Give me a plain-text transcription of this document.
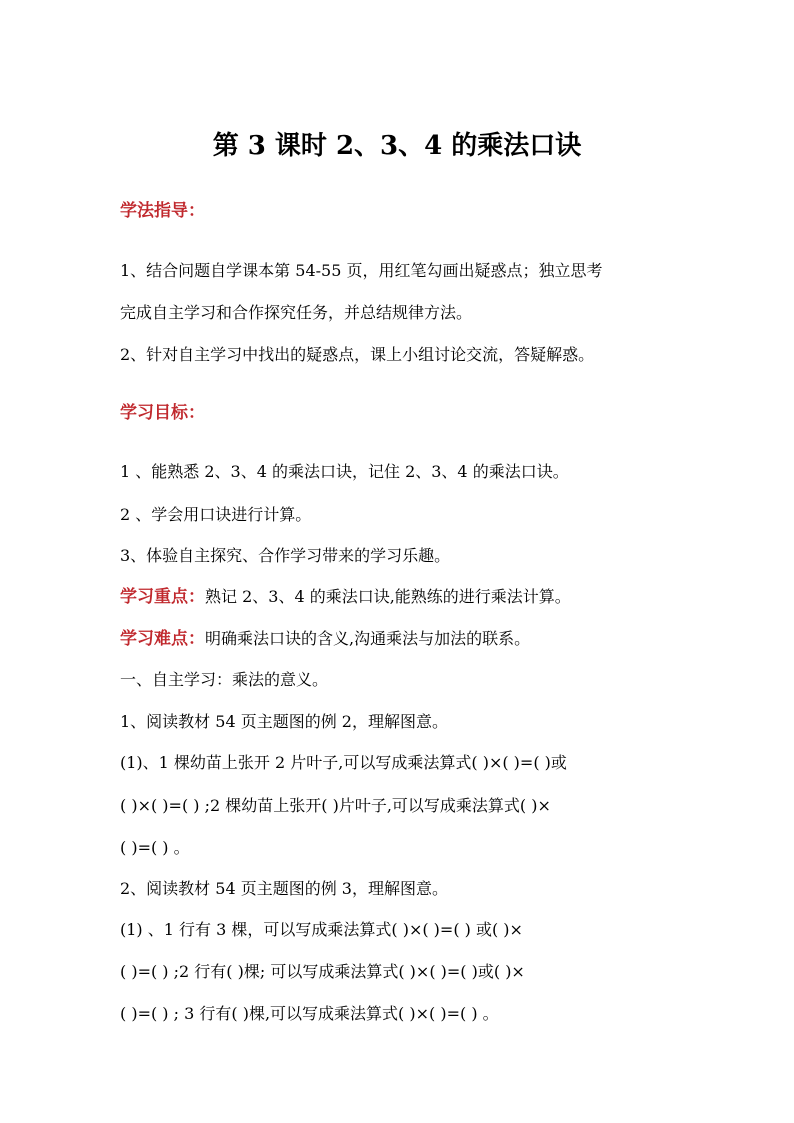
第 3 课时 2、3、4 的乘法口诀
学法指导：
1、结合问题自学课本第 54-55 页，用红笔勾画出疑惑点；独立思考
完成自主学习和合作探究任务，并总结规律方法。
2、针对自主学习中找出的疑惑点，课上小组讨论交流，答疑解惑。
学习目标：
1 、能熟悉 2、3、4 的乘法口诀，记住 2、3、4 的乘法口诀。
2 、学会用口诀进行计算。
3、体验自主探究、合作学习带来的学习乐趣。
学习重点：熟记 2、3、4 的乘法口诀,能熟练的进行乘法计算。
学习难点：明确乘法口诀的含义,沟通乘法与加法的联系。
一、自主学习：乘法的意义。
1、阅读教材 54 页主题图的例 2，理解图意。
(1)、1 棵幼苗上张开 2 片叶子,可以写成乘法算式( )×( )=( )或
( )×( )=( ) ;2 棵幼苗上张开( )片叶子,可以写成乘法算式( )×
( )=( ) 。
2、阅读教材 54 页主题图的例 3，理解图意。
(1) 、1 行有 3 棵，可以写成乘法算式( )×( )=( ) 或( )×
( )=( ) ;2 行有( )棵; 可以写成乘法算式( )×( )=( )或( )×
( )=( ) ; 3 行有( )棵,可以写成乘法算式( )×( )=( ) 。
